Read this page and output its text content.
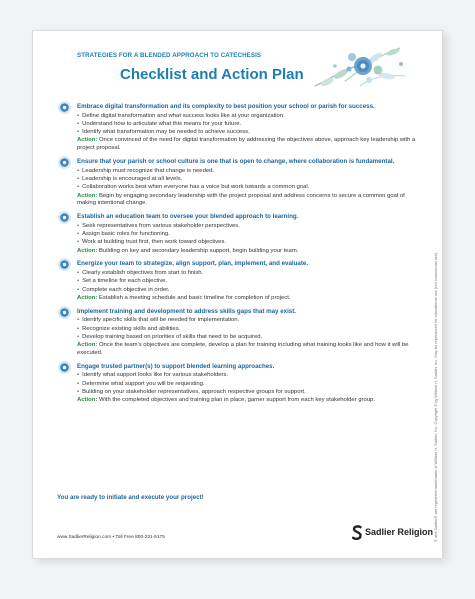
STRATEGIES FOR A BLENDED APPROACH TO CATECHESIS
Checklist and Action Plan
Embrace digital transformation and its complexity to best position your school or parish for success.
• Define digital transformation and what success looks like at your organization.
• Understand how to articulate what this means for your future.
• Identify what transformation may be needed to achieve success.
Action: Once convinced of the need for digital transformation by addressing the objectives above, approach key leadership with a project proposal.
Ensure that your parish or school culture is one that is open to change, where collaboration is fundamental.
• Leadership must recognize that change is needed.
• Leadership is encouraged at all levels.
• Collaboration works best when everyone has a voice but work towards a common goal.
Action: Begin by engaging secondary leadership with the project proposal and address concerns to secure a common goal of making intentional change.
Establish an education team to oversee your blended approach to learning.
• Seek representatives from various stakeholder perspectives.
• Assign basic roles for functioning.
• Work at building trust first, then work toward objectives.
Action: Building on key and secondary leadership support, begin building your team.
Energize your team to strategize, align support, plan, implement, and evaluate.
• Clearly establish objectives from start to finish.
• Set a timeline for each objective.
• Complete each objective in order.
Action: Establish a meeting schedule and basic timeline for completion of project.
Implement training and development to address skills gaps that may exist.
• Identify specific skills that will be needed for implementation.
• Recognize existing skills and abilities.
• Develop training based on priorities of skills that need to be acquired.
Action: Once the team's objectives are complete, develop a plan for training including what training looks like and how it will be executed.
Engage trusted partner(s) to support blended learning approaches.
• Identify what support looks like for various stakeholders.
• Determine what support you will be requesting.
• Building on your stakeholder representatives, approach respective groups for support.
Action: With the completed objectives and training plan in place, garner support from each key stakeholder group.
You are ready to initiate and execute your project!
www.SadlierReligion.com • Toll Free 800-221-5175
Sadlier Religion ® and Sadlier® are registered trademarks of William H. Sadlier, Inc. Copyright © by William H. Sadlier, Inc. May be reproduced for educational use (not commercial use).
